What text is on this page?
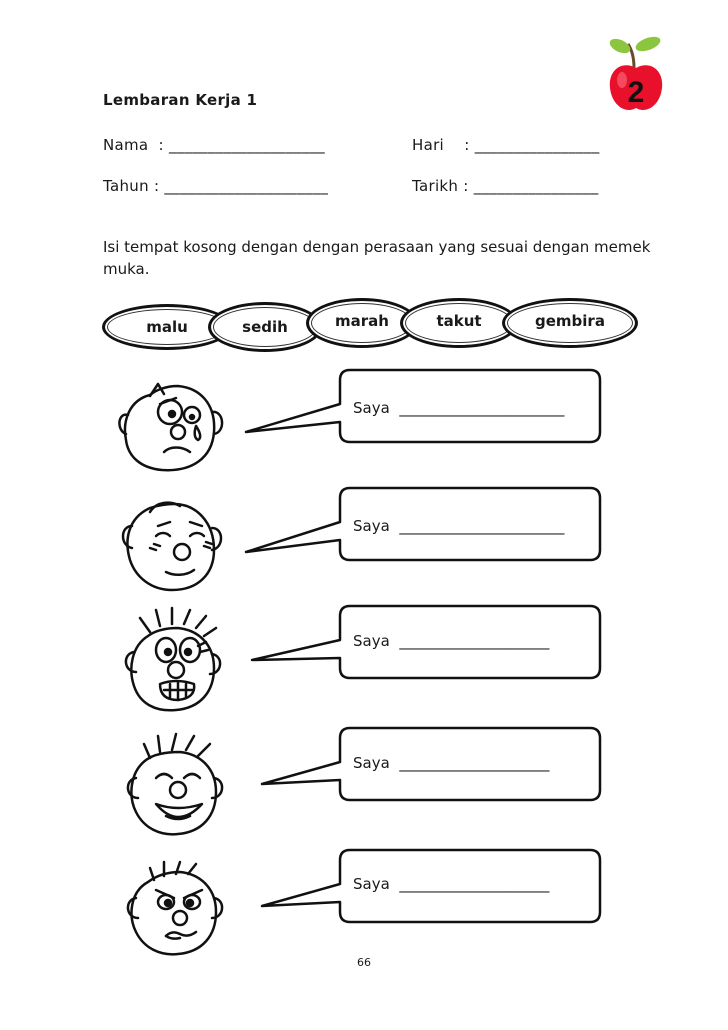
2
Lembaran Kerja 1
Nama  : ____________________	Hari    : ________________
Tahun : _____________________	Tarikh : ________________
Isi tempat kosong dengan dengan perasaan yang sesuai dengan memek muka.
malu	sedih	marah	takut	gembira
Saya  ______________________
Saya  ______________________
Saya  ____________________
Saya  ____________________
Saya  ____________________
66
